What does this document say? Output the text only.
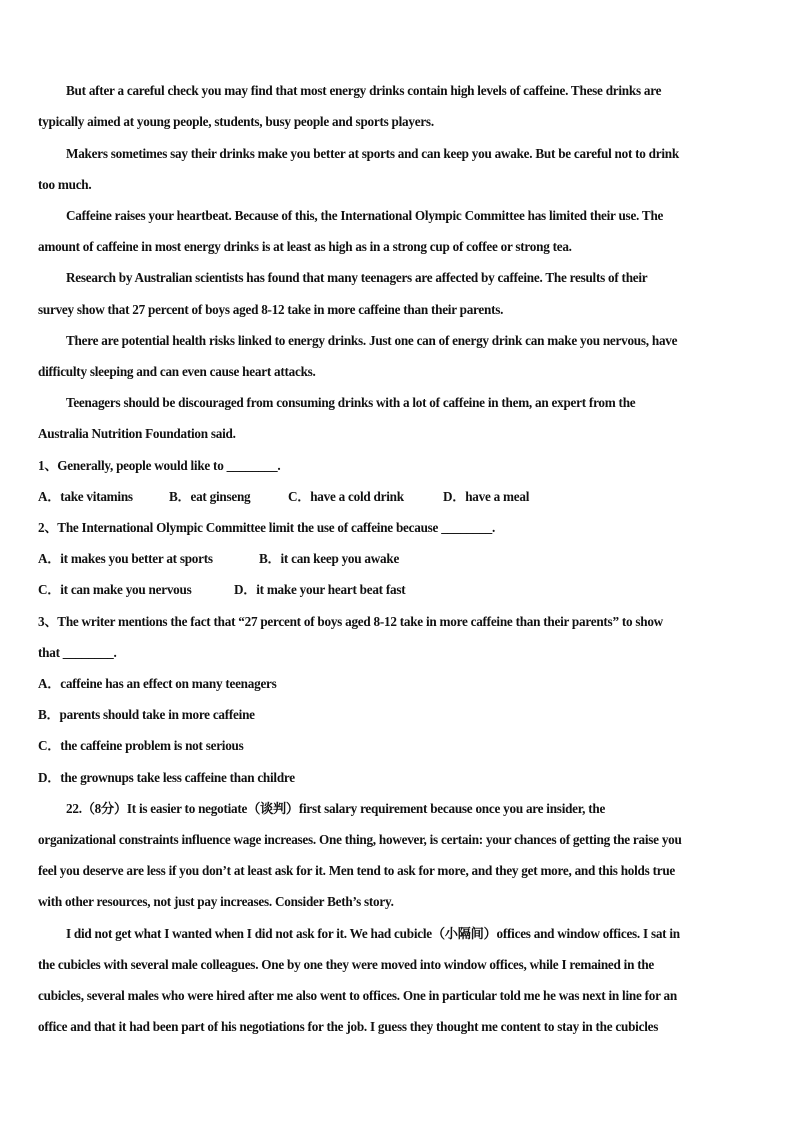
But after a careful check you may find that most energy drinks contain high levels of caffeine. These drinks are
typically aimed at young people, students, busy people and sports players.
Makers sometimes say their drinks make you better at sports and can keep you awake. But be careful not to drink
too much.
Caffeine raises your heartbeat. Because of this, the International Olympic Committee has limited their use. The
amount of caffeine in most energy drinks is at least as high as in a strong cup of coffee or strong tea.
Research by Australian scientists has found that many teenagers are affected by caffeine. The results of their
survey show that 27 percent of boys aged 8-12 take in more caffeine than their parents.
There are potential health risks linked to energy drinks. Just one can of energy drink can make you nervous, have
difficulty sleeping and can even cause heart attacks.
Teenagers should be discouraged from consuming drinks with a lot of caffeine in them, an expert from the
Australia Nutrition Foundation said.
1、Generally, people would like to ________.
A．take vitamins	B．eat ginseng	C．have a cold drink	D．have a meal
2、The International Olympic Committee limit the use of caffeine because ________.
A．it makes you better at sports	B．it can keep you awake
C．it can make you nervous	D．it make your heart beat fast
3、The writer mentions the fact that “27 percent of boys aged 8-12 take in more caffeine than their parents” to show
that ________.
A．caffeine has an effect on many teenagers
B．parents should take in more caffeine
C．the caffeine problem is not serious
D．the grownups take less caffeine than childre
22.（8分）It is easier to negotiate（谈判）first salary requirement because once you are insider, the
organizational constraints influence wage increases. One thing, however, is certain: your chances of getting the raise you
feel you deserve are less if you don’t at least ask for it. Men tend to ask for more, and they get more, and this holds true
with other resources, not just pay increases. Consider Beth’s story.
I did not get what I wanted when I did not ask for it. We had cubicle（小隔间）offices and window offices. I sat in
the cubicles with several male colleagues. One by one they were moved into window offices, while I remained in the
cubicles, several males who were hired after me also went to offices. One in particular told me he was next in line for an
office and that it had been part of his negotiations for the job. I guess they thought me content to stay in the cubicles
